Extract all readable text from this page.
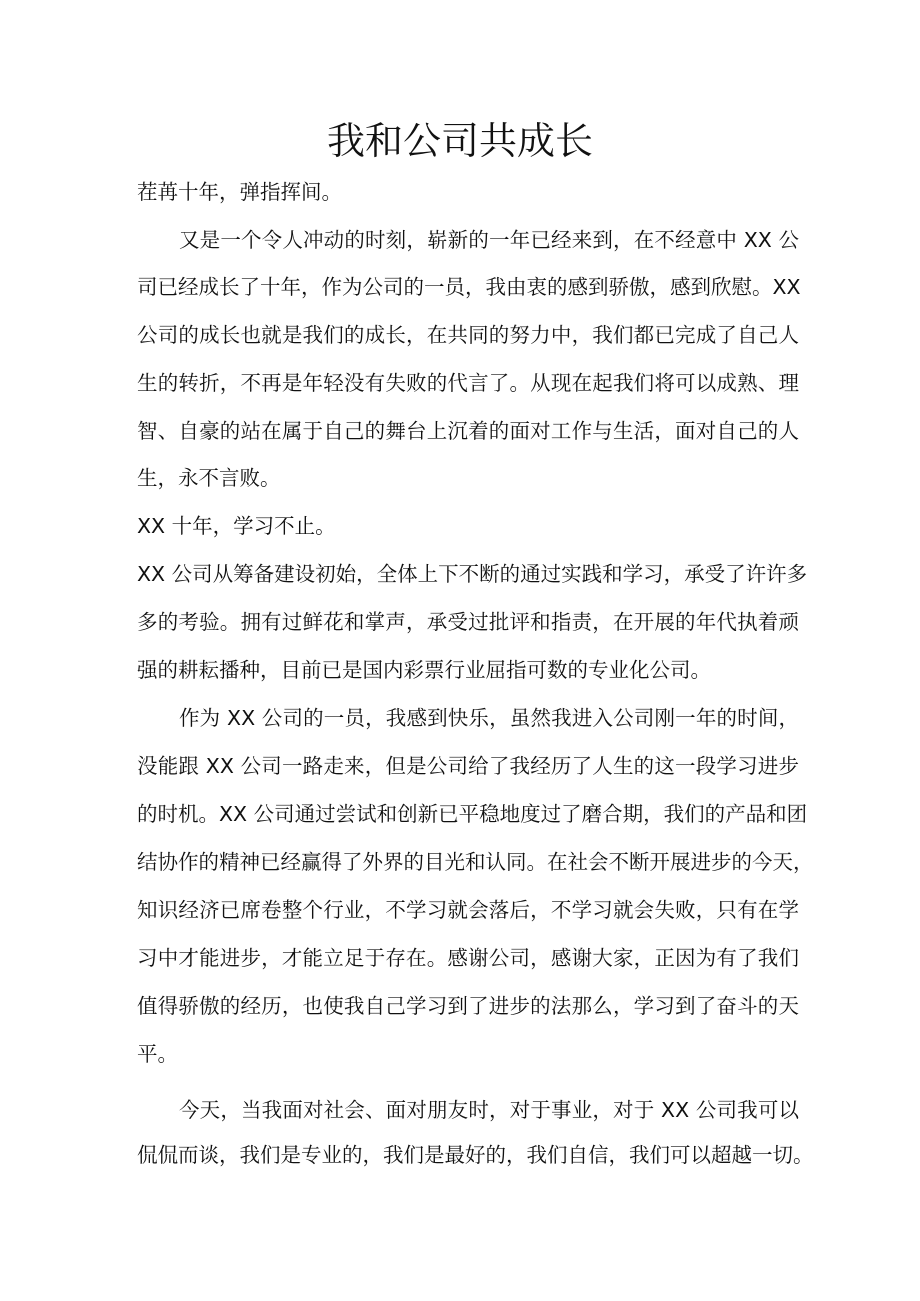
我和公司共成长
茬苒十年，弹指挥间。
又是一个令人冲动的时刻，崭新的一年已经来到，在不经意中 XX 公
司已经成长了十年，作为公司的一员，我由衷的感到骄傲，感到欣慰。XX
公司的成长也就是我们的成长，在共同的努力中，我们都已完成了自己人
生的转折，不再是年轻没有失败的代言了。从现在起我们将可以成熟、理
智、自豪的站在属于自己的舞台上沉着的面对工作与生活，面对自己的人
生，永不言败。
XX 十年，学习不止。
XX 公司从筹备建设初始，全体上下不断的通过实践和学习，承受了许许多
多的考验。拥有过鲜花和掌声，承受过批评和指责，在开展的年代执着顽
强的耕耘播种，目前已是国内彩票行业屈指可数的专业化公司。
作为 XX 公司的一员，我感到快乐，虽然我进入公司刚一年的时间，
没能跟 XX 公司一路走来，但是公司给了我经历了人生的这一段学习进步
的时机。XX 公司通过尝试和创新已平稳地度过了磨合期，我们的产品和团
结协作的精神已经赢得了外界的目光和认同。在社会不断开展进步的今天，
知识经济已席卷整个行业，不学习就会落后，不学习就会失败，只有在学
习中才能进步，才能立足于存在。感谢公司，感谢大家，正因为有了我们
值得骄傲的经历，也使我自己学习到了进步的法那么，学习到了奋斗的天
平。
今天，当我面对社会、面对朋友时，对于事业，对于 XX 公司我可以
侃侃而谈，我们是专业的，我们是最好的，我们自信，我们可以超越一切。
